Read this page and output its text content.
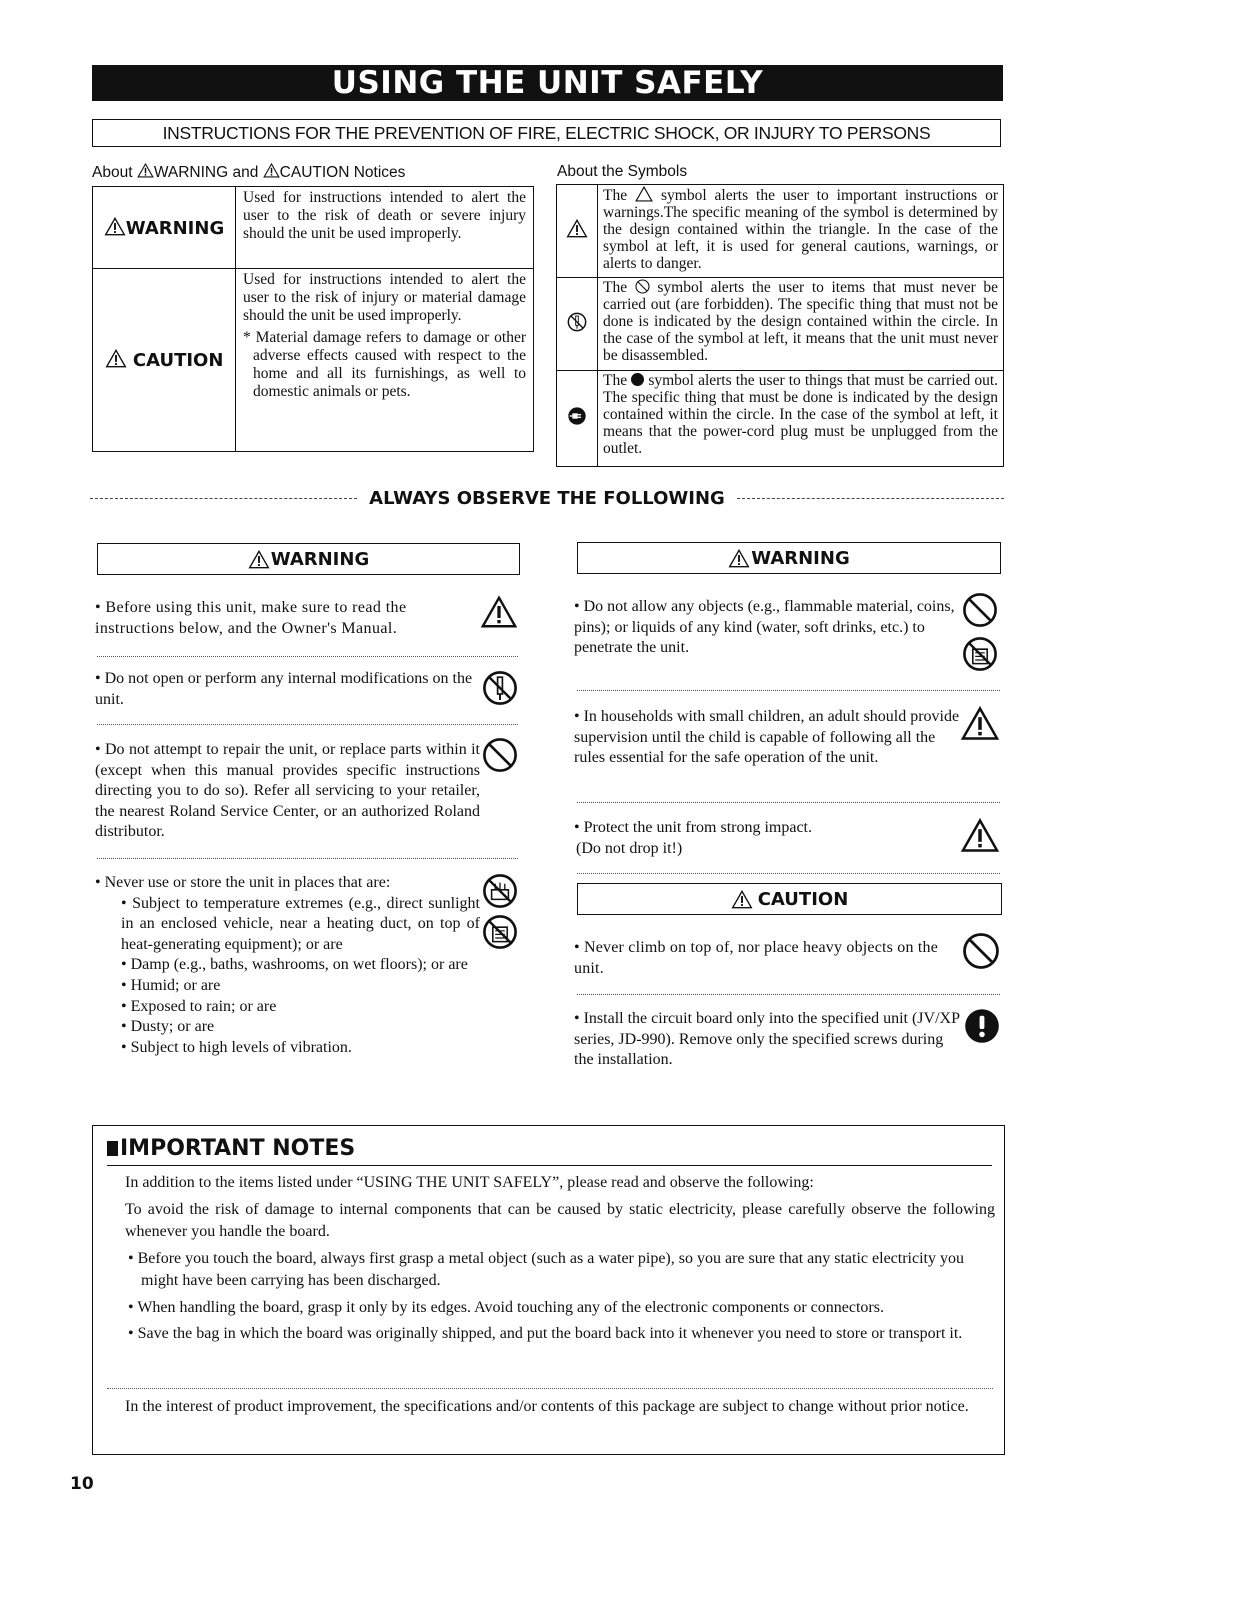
USING THE UNIT SAFELY
INSTRUCTIONS FOR THE PREVENTION OF FIRE, ELECTRIC SHOCK, OR INJURY TO PERSONS
About WARNING and CAUTION Notices
WARNING	Used for instructions intended to alert the user to the risk of death or severe injury should the unit be used improperly.
CAUTION	Used for instructions intended to alert the user to the risk of injury or material damage should the unit be used improperly.
* Material damage refers to damage or other adverse effects caused with respect to the home and all its furnishings, as well to domestic animals or pets.
About the Symbols
	The symbol alerts the user to important instructions or warnings.The specific meaning of the symbol is determined by the design contained within the triangle. In the case of the symbol at left, it is used for general cautions, warnings, or alerts to danger.
	The symbol alerts the user to items that must never be carried out (are forbidden). The specific thing that must not be done is indicated by the design contained within the circle. In the case of the symbol at left, it means that the unit must never be disassembled.
	The symbol alerts the user to things that must be carried out. The specific thing that must be done is indicated by the design contained within the circle. In the case of the symbol at left, it means that the power-cord plug must be unplugged from the outlet.
ALWAYS OBSERVE THE FOLLOWING
WARNING
• Before using this unit, make sure to read the instructions below, and the Owner's Manual.
• Do not open or perform any internal modifications on the unit.
• Do not attempt to repair the unit, or replace parts within it (except when this manual provides specific instructions directing you to do so). Refer all servicing to your retailer, the nearest Roland Service Center, or an authorized Roland distributor.

• Never use or store the unit in places that are:

• Subject to temperature extremes (e.g., direct sunlight in an enclosed vehicle, near a heating duct, on top of heat-generating equipment); or are

• Damp (e.g., baths, washrooms, on wet floors); or are

• Humid; or are

• Exposed to rain; or are

• Dusty; or are

• Subject to high levels of vibration.

WARNING
• Do not allow any objects (e.g., flammable material, coins, pins); or liquids of any kind (water, soft drinks, etc.) to penetrate the unit.
• In households with small children, an adult should provide supervision until the child is capable of following all the rules essential for the safe operation of the unit.

• Protect the unit from strong impact.

(Do not drop it!)

CAUTION
• Never climb on top of, nor place heavy objects on the unit.
• Install the circuit board only into the specified unit (JV/XP series, JD-990). Remove only the specified screws during the installation.
IMPORTANT NOTES

In addition to the items listed under “USING THE UNIT SAFELY”, please read and observe the following:

To avoid the risk of damage to internal components that can be caused by static electricity, please carefully observe the following whenever you handle the board.

• Before you touch the board, always first grasp a metal object (such as a water pipe), so you are sure that any static electricity you might have been carrying has been discharged.

• When handling the board, grasp it only by its edges. Avoid touching any of the electronic components or connectors.

• Save the bag in which the board was originally shipped, and put the board back into it whenever you need to store or transport it.

In the interest of product improvement, the specifications and/or contents of this package are subject to change without prior notice.
10
